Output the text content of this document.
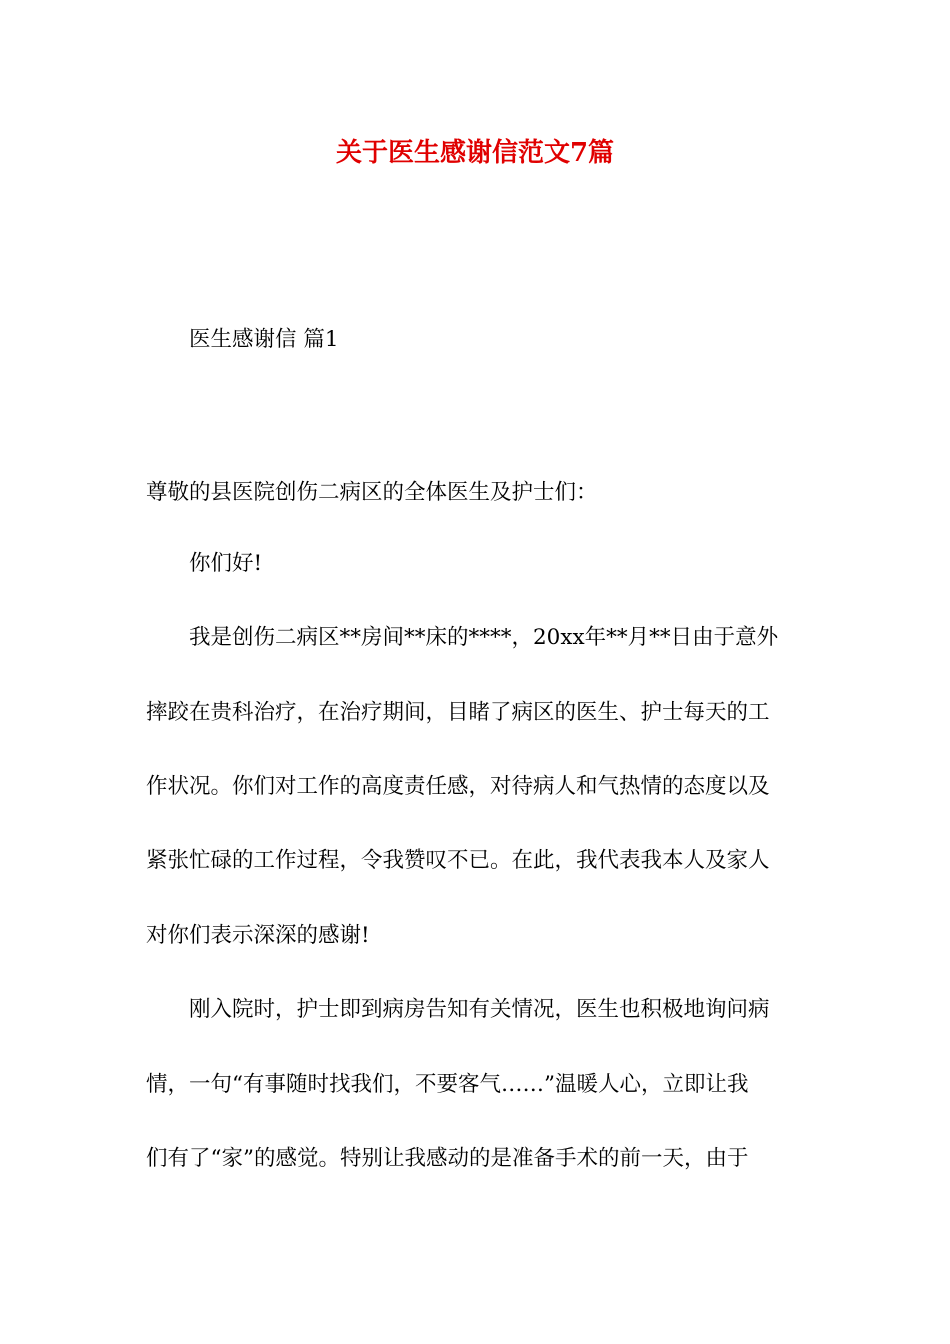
关于医生感谢信范文7篇
医生感谢信 篇1
尊敬的县医院创伤二病区的全体医生及护士们：
你们好!
我是创伤二病区**房间**床的****，20xx年**月**日由于意外
摔跤在贵科治疗，在治疗期间，目睹了病区的医生、护士每天的工
作状况。你们对工作的高度责任感，对待病人和气热情的态度以及
紧张忙碌的工作过程，令我赞叹不已。在此，我代表我本人及家人
对你们表示深深的感谢!
刚入院时，护士即到病房告知有关情况，医生也积极地询问病
情，一句“有事随时找我们，不要客气……”温暖人心，立即让我
们有了“家”的感觉。特别让我感动的是准备手术的前一天，由于
